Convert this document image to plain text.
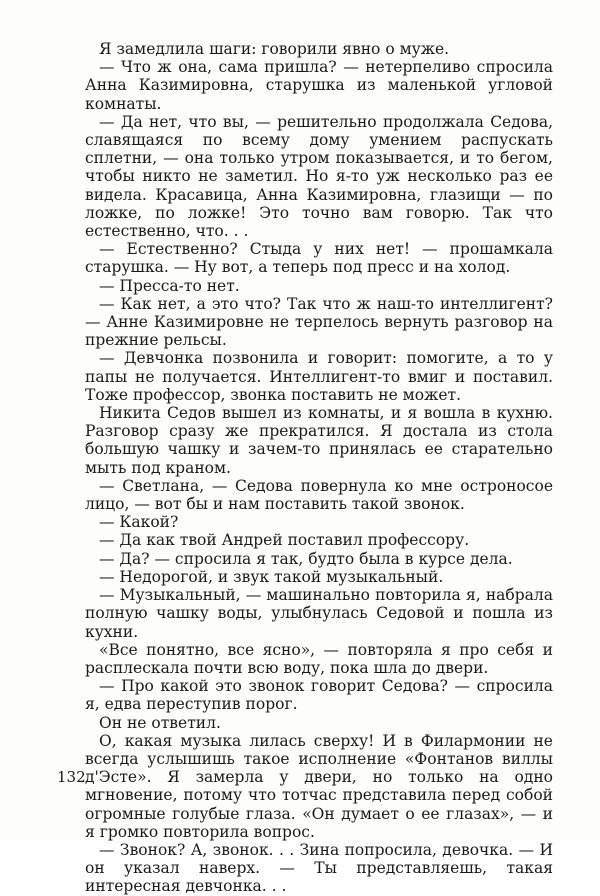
Я замедлила шаги: говорили явно о муже.

— Что ж она, сама пришла? — нетерпеливо спросила Анна Казимировна, старушка из маленькой угловой комнаты.

— Да нет, что вы, — решительно продолжала Седова, славящаяся по всему дому умением распускать сплетни, — она только утром показывается, и то бегом, чтобы никто не заметил. Но я-то уж несколько раз ее видела. Красавица, Анна Казимировна, глазищи — по ложке, по ложке! Это точно вам говорю. Так что естественно, что. . .

— Естественно? Стыда у них нет! — прошамкала старушка. — Ну вот, а теперь под пресс и на холод.

— Пресса-то нет.

— Как нет, а это что? Так что ж наш-то интеллигент? — Анне Казимировне не терпелось вернуть разговор на прежние рельсы.

— Девчонка позвонила и говорит: помогите, а то у папы не получается. Интеллигент-то вмиг и поставил. Тоже профессор, звонка поставить не может.

Никита Седов вышел из комнаты, и я вошла в кухню. Разговор сразу же прекратился. Я достала из стола большую чашку и зачем-то принялась ее старательно мыть под краном.

— Светлана, — Седова повернула ко мне остроносое лицо, — вот бы и нам поставить такой звонок.

— Какой?

— Да как твой Андрей поставил профессору.

— Да? — спросила я так, будто была в курсе дела.

— Недорогой, и звук такой музыкальный.

— Музыкальный, — машинально повторила я, набрала полную чашку воды, улыбнулась Седовой и пошла из кухни.

«Все понятно, все ясно», — повторяла я про себя и расплескала почти всю воду, пока шла до двери.

— Про какой это звонок говорит Седова? — спросила я, едва переступив порог.

Он не ответил.

О, какая музыка лилась сверху! И в Филармонии не всегда услышишь такое исполнение «Фонтанов виллы д'Эсте». Я замерла у двери, но только на одно мгновение, потому что тотчас представила перед собой огромные голубые глаза. «Он думает о ее глазах», — и я громко повторила вопрос.

— Звонок? А, звонок. . . Зина попросила, девочка. — И он указал наверх. — Ты представляешь, такая интересная девчонка. . .

132
